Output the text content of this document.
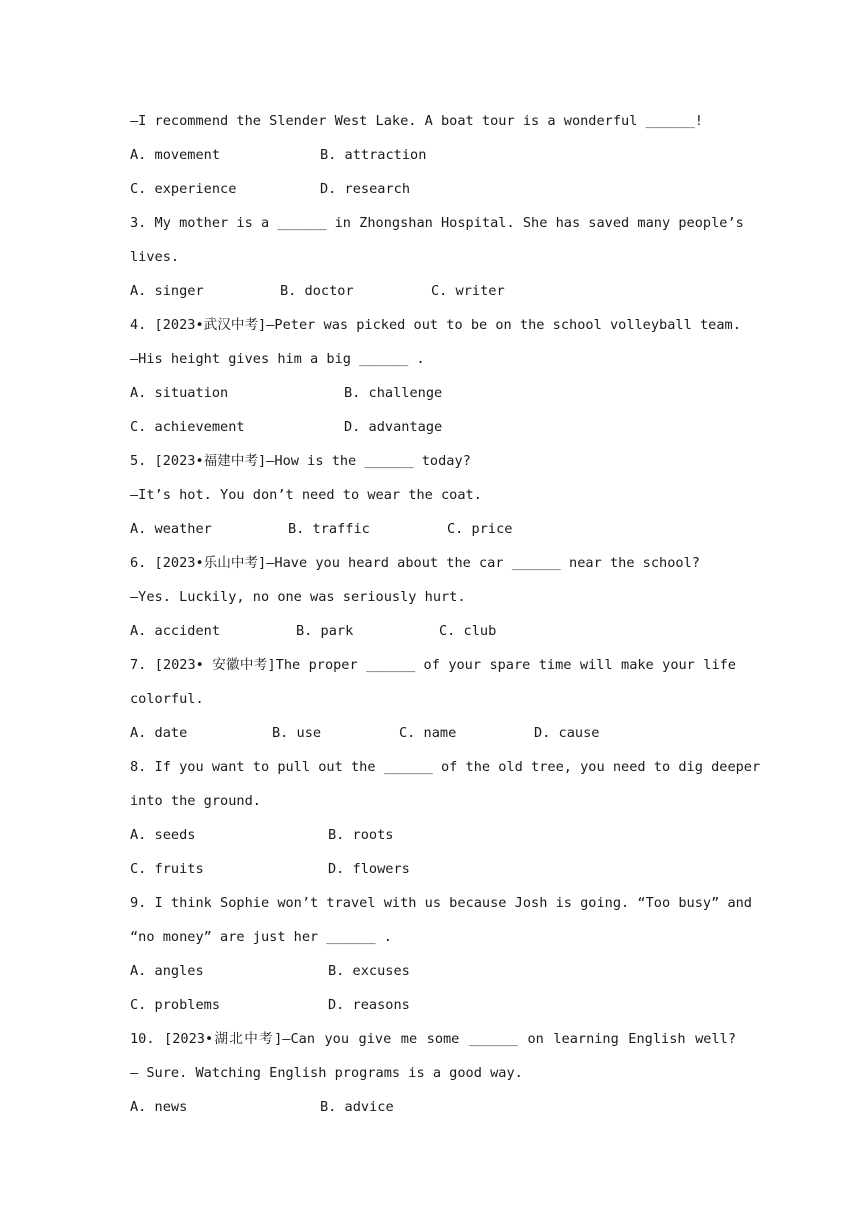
—I recommend the Slender West Lake. A boat tour is a wonderful ______!
A. movement	B. attraction
C. experience	D. research
3. My mother is a ______ in Zhongshan Hospital. She has saved many people’s
lives.
A. singer	B. doctor	C. writer
4. [2023•武汉中考]—Peter was picked out to be on the school volleyball team.
—His height gives him a big ______ .
A. situation	B. challenge
C. achievement	D. advantage
5. [2023•福建中考]—How is the ______ today?
—It’s hot. You don’t need to wear the coat.
A. weather	B. traffic	C. price
6. [2023•乐山中考]—Have you heard about the car ______ near the school?
—Yes. Luckily, no one was seriously hurt.
A. accident	B. park	C. club
7. [2023• 安徽中考]The proper ______ of your spare time will make your life
colorful.
A. date	B. use	C. name	D. cause
8. If you want to pull out the ______ of the old tree, you need to dig deeper
into the ground.
A. seeds	B. roots
C. fruits	D. flowers
9. I think Sophie won’t travel with us because Josh is going. “Too busy” and
“no money” are just her ______ .
A. angles	B. excuses
C. problems	D. reasons
10. [2023•湖北中考]—Can you give me some ______ on learning English well?
— Sure. Watching English programs is a good way.
A. news	B. advice
